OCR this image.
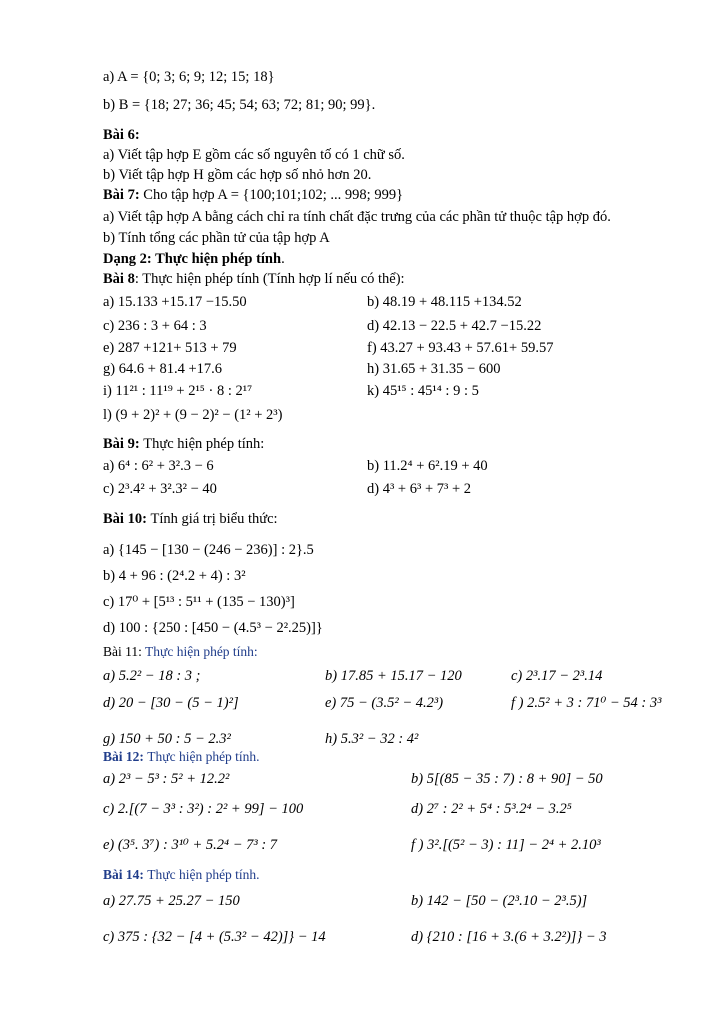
a) A = {0; 3; 6; 9; 12; 15; 18}
b) B = {18; 27; 36; 45; 54; 63; 72; 81; 90; 99}.
Bài 6:
a) Viết tập hợp E gồm các số nguyên tố có 1 chữ số.
b) Viết tập hợp H gồm các hợp số nhỏ hơn 20.
Bài 7: Cho tập hợp A = {100;101;102; ... 998; 999}
a) Viết tập hợp A bằng cách chỉ ra tính chất đặc trưng của các phần tử thuộc tập hợp đó.
b) Tính tổng các phần tử của tập hợp A
Dạng 2: Thực hiện phép tính.
Bài 8: Thực hiện phép tính (Tính hợp lí nếu có thể):
a) 15.133 +15.17 −15.50	b) 48.19 + 48.115 +134.52
c) 236 : 3 + 64 : 3	d) 42.13 − 22.5 + 42.7 −15.22
e) 287 +121+ 513 + 79	f) 43.27 + 93.43 + 57.61+ 59.57
g) 64.6 + 81.4 +17.6	h) 31.65 + 31.35 − 600
i) 11²¹ : 11¹⁹ + 2¹⁵ · 8 : 2¹⁷	k) 45¹⁵ : 45¹⁴ : 9 : 5
l) (9 + 2)² + (9 − 2)² − (1² + 2³)
Bài 9: Thực hiện phép tính:
a) 6⁴ : 6² + 3².3 − 6	b) 11.2⁴ + 6².19 + 40
c) 2³.4² + 3².3² − 40	d) 4³ + 6³ + 7³ + 2
Bài 10: Tính giá trị biểu thức:
a) {145 − [130 − (246 − 236)] : 2}.5
b) 4 + 96 : (2⁴.2 + 4) : 3²
c) 17⁰ + [5¹³ : 5¹¹ + (135 − 130)³]
d) 100 : {250 : [450 − (4.5³ − 2².25)]}
Bài 11: Thực hiện phép tính:
a) 5.2² − 18 : 3 ;	b) 17.85 + 15.17 − 120	c) 2³.17 − 2³.14
d) 20 − [30 − (5 − 1)²]	e) 75 − (3.5² − 4.2³)	f ) 2.5² + 3 : 71⁰ − 54 : 3³
g) 150 + 50 : 5 − 2.3²	h) 5.3² − 32 : 4²
Bài 12: Thực hiện phép tính.
a) 2³ − 5³ : 5² + 12.2²	b) 5[(85 − 35 : 7) : 8 + 90] − 50
c) 2.[(7 − 3³ : 3²) : 2² + 99] − 100	d) 2⁷ : 2² + 5⁴ : 5³.2⁴ − 3.2⁵
e) (3⁵. 3⁷) : 3¹⁰ + 5.2⁴ − 7³ : 7	f ) 3².[(5² − 3) : 11] − 2⁴ + 2.10³
Bài 14: Thực hiện phép tính.
a) 27.75 + 25.27 − 150	b) 142 − [50 − (2³.10 − 2³.5)]
c) 375 : {32 − [4 + (5.3² − 42)]} − 14	d) {210 : [16 + 3.(6 + 3.2²)]} − 3
